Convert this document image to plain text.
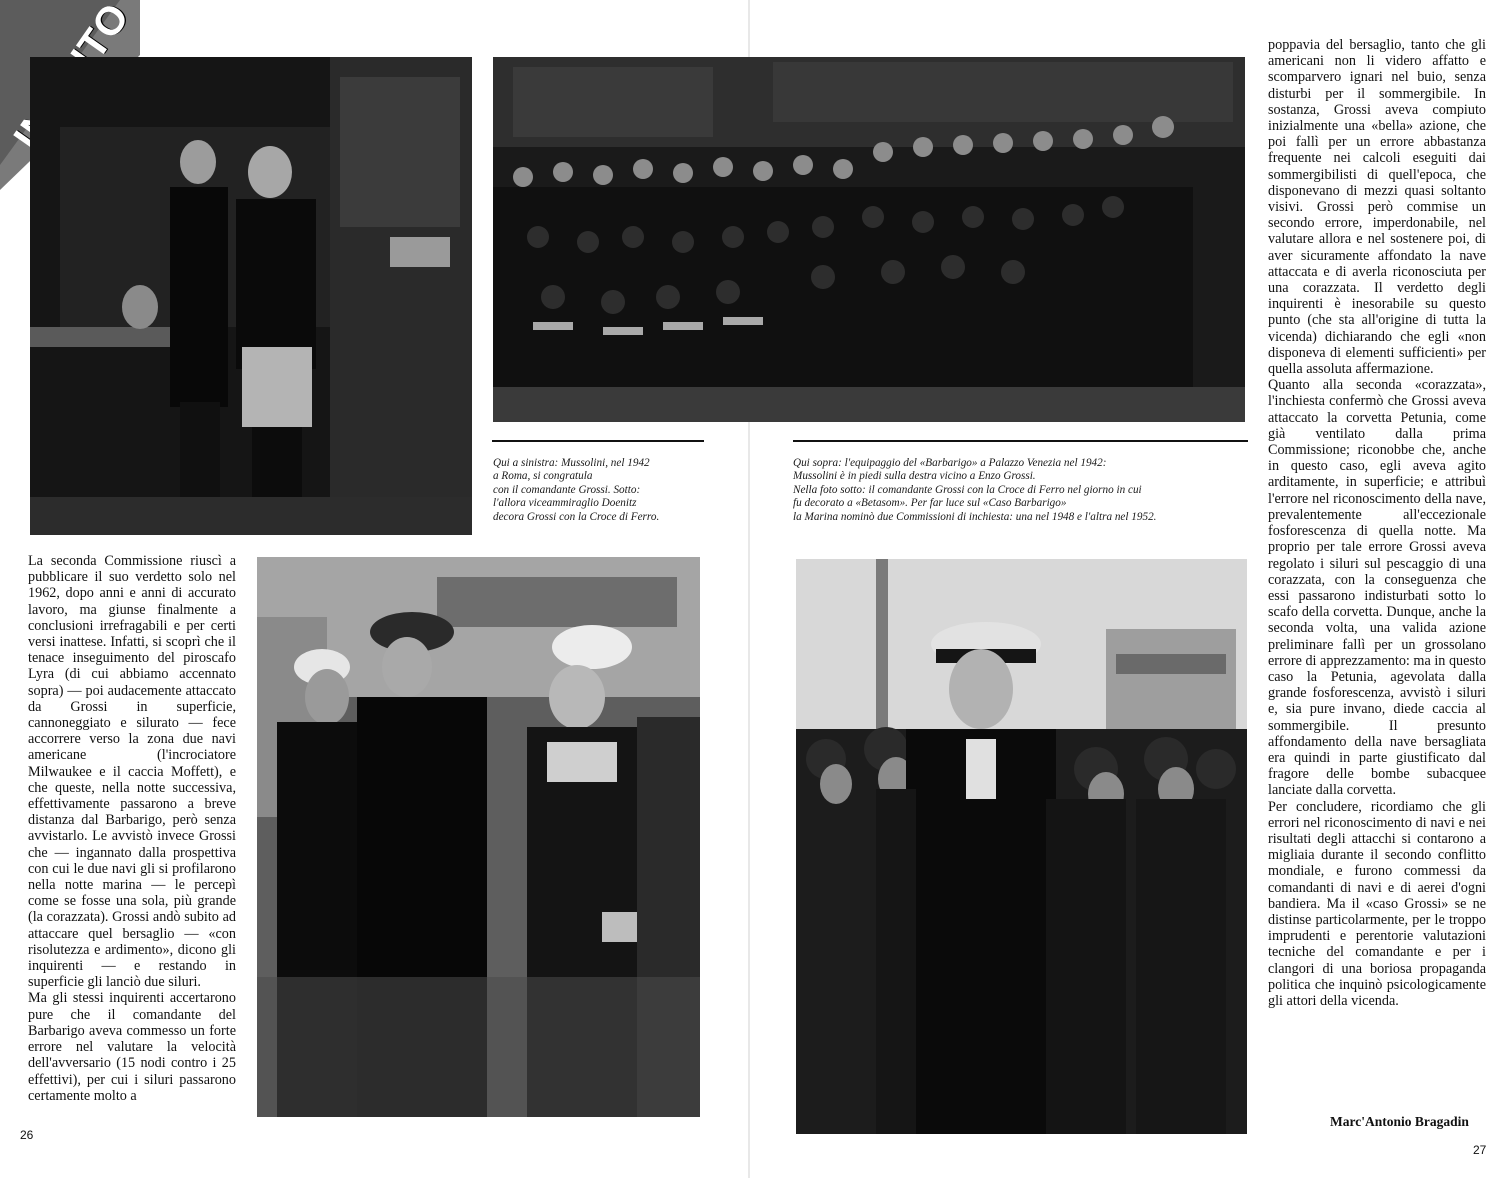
Qui a sinistra: Mussolini, nel 1942
a Roma, si congratula
con il comandante Grossi. Sotto:
l'allora viceammiraglio Doenitz
decora Grossi con la Croce di Ferro.
Qui sopra: l'equipaggio del «Barbarigo» a Palazzo Venezia nel 1942:
Mussolini è in piedi sulla destra vicino a Enzo Grossi.
Nella foto sotto: il comandante Grossi con la Croce di Ferro nel giorno in cui
fu decorato a «Betasom». Per far luce sul «Caso Barbarigo»
la Marina nominò due Commissioni di inchiesta: una nel 1948 e l'altra nel 1952.

La seconda Commissione riuscì a pubblicare il suo verdetto solo nel 1962, dopo anni e anni di accurato lavoro, ma giunse finalmente a conclusioni irrefragabili e per certi versi inattese. Infatti, si scoprì che il tenace inseguimento del piroscafo Lyra (di cui abbiamo accennato sopra) — poi audacemente attaccato da Grossi in superficie, cannoneggiato e silurato — fece accorrere verso la zona due navi americane (l'incrociatore Milwaukee e il caccia Moffett), e che queste, nella notte successiva, effettivamente passarono a breve distanza dal Barbarigo, però senza avvistarlo. Le avvistò invece Grossi che — ingannato dalla prospettiva con cui le due navi gli si profilarono nella notte marina — le percepì come se fosse una sola, più grande (la corazzata). Grossi andò subito ad attaccare quel bersaglio — «con risolutezza e ardimento», dicono gli inquirenti — e restando in superficie gli lanciò due siluri.

Ma gli stessi inquirenti accertarono pure che il comandante del Barbarigo aveva commesso un forte errore nel valutare la velocità dell'avversario (15 nodi contro i 25 effettivi), per cui i siluri passarono certamente molto a

poppavia del bersaglio, tanto che gli americani non li videro affatto e scomparvero ignari nel buio, senza disturbi per il sommergibile. In sostanza, Grossi aveva compiuto inizialmente una «bella» azione, che poi fallì per un errore abbastanza frequente nei calcoli eseguiti dai sommergibilisti di quell'epoca, che disponevano di mezzi quasi soltanto visivi. Grossi però commise un secondo errore, imperdonabile, nel valutare allora e nel sostenere poi, di aver sicuramente affondato la nave attaccata e di averla riconosciuta per una corazzata. Il verdetto degli inquirenti è inesorabile su questo punto (che sta all'origine di tutta la vicenda) dichiarando che egli «non disponeva di elementi sufficienti» per quella assoluta affermazione.

Quanto alla seconda «corazzata», l'inchiesta confermò che Grossi aveva attaccato la corvetta Petunia, come già ventilato dalla prima Commissione; riconobbe che, anche in questo caso, egli aveva agito arditamente, in superficie; e attribuì l'errore nel riconoscimento della nave, prevalentemente all'eccezionale fosforescenza di quella notte. Ma proprio per tale errore Grossi aveva regolato i siluri sul pescaggio di una corazzata, con la conseguenza che essi passarono indisturbati sotto lo scafo della corvetta. Dunque, anche la seconda volta, una valida azione preliminare fallì per un grossolano errore di apprezzamento: ma in questo caso la Petunia, agevolata dalla grande fosforescenza, avvistò i siluri e, sia pure invano, diede caccia al sommergibile. Il presunto affondamento della nave bersagliata era quindi in parte giustificato dal fragore delle bombe subacquee lanciate dalla corvetta.

Per concludere, ricordiamo che gli errori nel riconoscimento di navi e nei risultati degli attacchi si contarono a migliaia durante il secondo conflitto mondiale, e furono commessi da comandanti di navi e di aerei d'ogni bandiera. Ma il «caso Grossi» se ne distinse particolarmente, per le troppo imprudenti e perentorie valutazioni tecniche del comandante e per i clangori di una boriosa propaganda politica che inquinò psicologicamente gli attori della vicenda.

Marc'Antonio Bragadin
26
27
